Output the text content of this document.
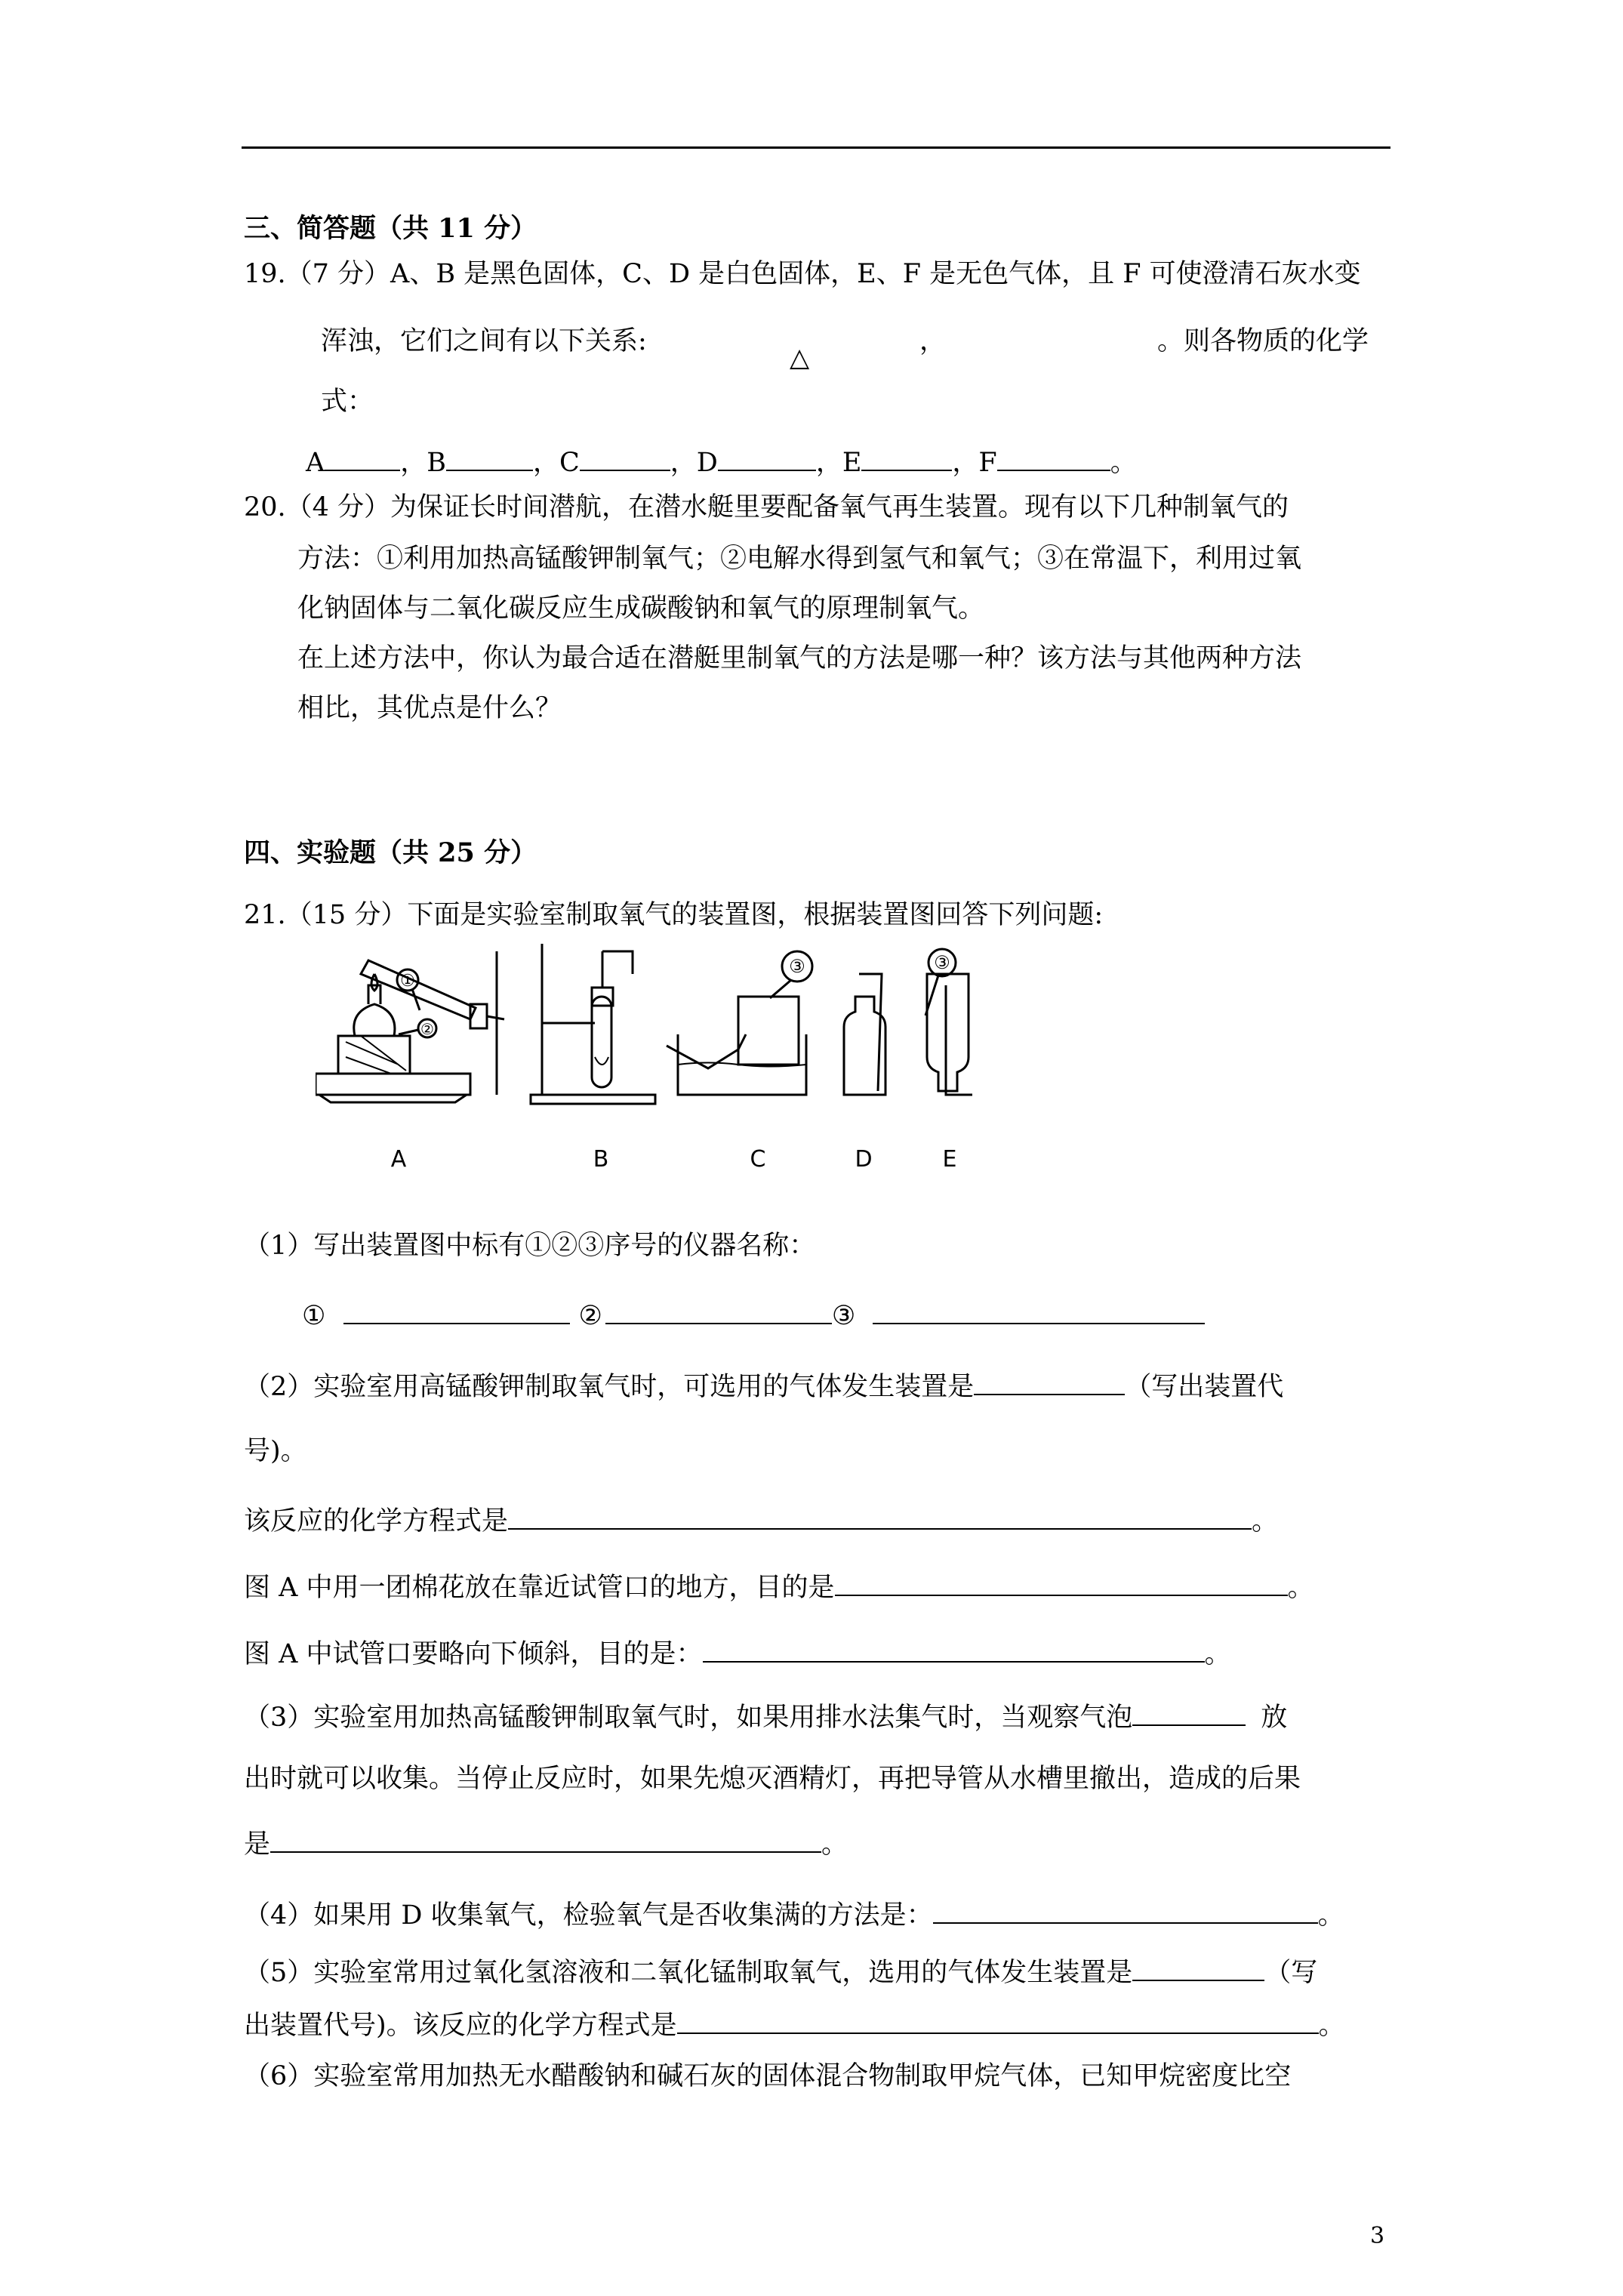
三、简答题（共 11 分）
19.（7 分）A、B 是黑色固体，C、D 是白色固体，E、F 是无色气体，且 F 可使澄清石灰水变
浑浊，它们之间有以下关系:
△
，	。则各物质的化学
式：
A	，B	，C	，D	，E	，F	。
20.（4 分）为保证长时间潜航，在潜水艇里要配备氧气再生装置。现有以下几种制氧气的
方法：①利用加热高锰酸钾制氧气；②电解水得到氢气和氧气；③在常温下，利用过氧
化钠固体与二氧化碳反应生成碳酸钠和氧气的原理制氧气。
在上述方法中，你认为最合适在潜艇里制氧气的方法是哪一种？该方法与其他两种方法
相比，其优点是什么？
四、实验题（共 25 分）
21.（15 分）下面是实验室制取氧气的装置图，根据装置图回答下列问题:
①
②
③	③
A	B	C	D	E
（1）写出装置图中标有①②③序号的仪器名称：
①	②	③
（2）实验室用高锰酸钾制取氧气时，可选用的气体发生装置是	（写出装置代
号)。
该反应的化学方程式是	。
图 A 中用一团棉花放在靠近试管口的地方，目的是	。
图 A 中试管口要略向下倾斜，目的是：	。
（3）实验室用加热高锰酸钾制取氧气时，如果用排水法集气时，当观察气泡	放
出时就可以收集。当停止反应时，如果先熄灭酒精灯，再把导管从水槽里撤出，造成的后果
是	。
（4）如果用 D 收集氧气，检验氧气是否收集满的方法是：	。
（5）实验室常用过氧化氢溶液和二氧化锰制取氧气，选用的气体发生装置是	（写
出装置代号)。该反应的化学方程式是	。
（6）实验室常用加热无水醋酸钠和碱石灰的固体混合物制取甲烷气体，已知甲烷密度比空
3
